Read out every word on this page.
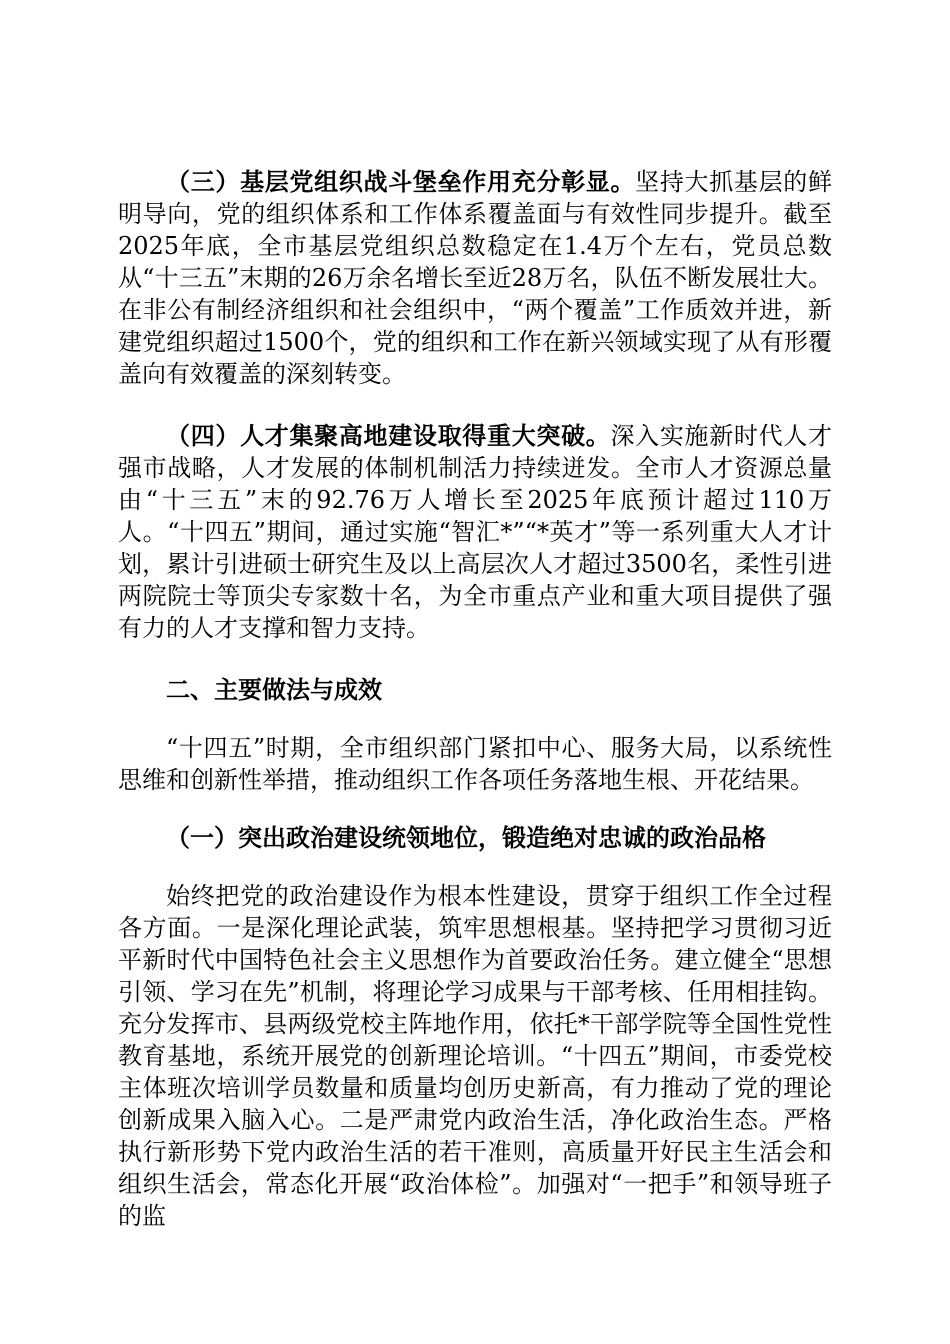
（三）基层党组织战斗堡垒作用充分彰显。坚持大抓基层的鲜明导向，党的组织体系和工作体系覆盖面与有效性同步提升。截至2025年底，全市基层党组织总数稳定在1.4万个左右，党员总数从“十三五”末期的26万余名增长至近28万名，队伍不断发展壮大。在非公有制经济组织和社会组织中，“两个覆盖”工作质效并进，新建党组织超过1500个，党的组织和工作在新兴领域实现了从有形覆盖向有效覆盖的深刻转变。

（四）人才集聚高地建设取得重大突破。深入实施新时代人才强市战略，人才发展的体制机制活力持续迸发。全市人才资源总量由“十三五”末的92.76万人增长至2025年底预计超过110万人。“十四五”期间，通过实施“智汇*”“*英才”等一系列重大人才计划，累计引进硕士研究生及以上高层次人才超过3500名，柔性引进两院院士等顶尖专家数十名，为全市重点产业和重大项目提供了强有力的人才支撑和智力支持。

二、主要做法与成效

“十四五”时期，全市组织部门紧扣中心、服务大局，以系统性思维和创新性举措，推动组织工作各项任务落地生根、开花结果。

（一）突出政治建设统领地位，锻造绝对忠诚的政治品格

始终把党的政治建设作为根本性建设，贯穿于组织工作全过程各方面。一是深化理论武装，筑牢思想根基。坚持把学习贯彻习近平新时代中国特色社会主义思想作为首要政治任务。建立健全“思想引领、学习在先”机制，将理论学习成果与干部考核、任用相挂钩。充分发挥市、县两级党校主阵地作用，依托*干部学院等全国性党性教育基地，系统开展党的创新理论培训。“十四五”期间，市委党校主体班次培训学员数量和质量均创历史新高，有力推动了党的理论创新成果入脑入心。二是严肃党内政治生活，净化政治生态。严格执行新形势下党内政治生活的若干准则，高质量开好民主生活会和组织生活会，常态化开展“政治体检”。加强对“一把手”和领导班子的监
